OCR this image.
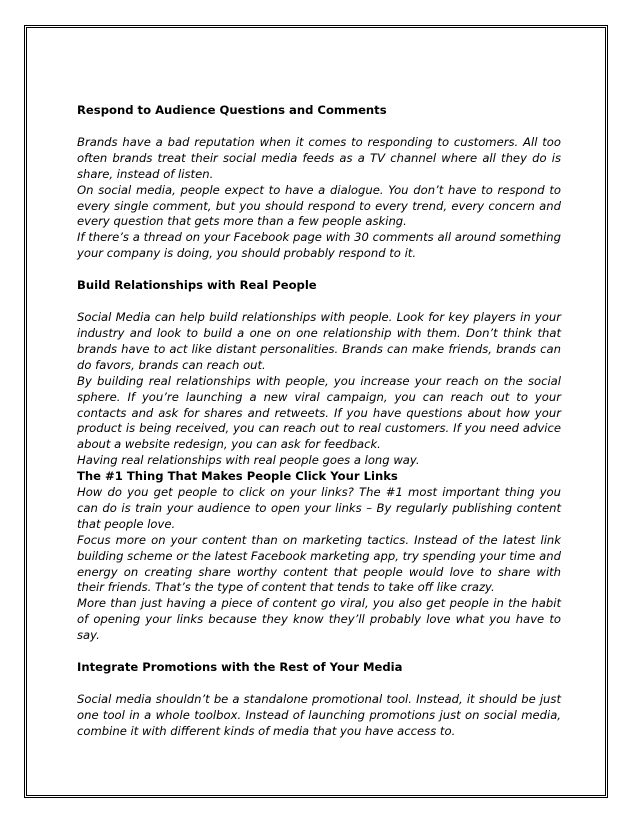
Respond to Audience Questions and Comments

Brands have a bad reputation when it comes to responding to customers. All too often brands treat their social media feeds as a TV channel where all they do is share, instead of listen.

On social media, people expect to have a dialogue. You don’t have to respond to every single comment, but you should respond to every trend, every concern and every question that gets more than a few people asking.

If there’s a thread on your Facebook page with 30 comments all around something your company is doing, you should probably respond to it.

Build Relationships with Real People

Social Media can help build relationships with people. Look for key players in your industry and look to build a one on one relationship with them. Don’t think that brands have to act like distant personalities. Brands can make friends, brands can do favors, brands can reach out.

By building real relationships with people, you increase your reach on the social sphere. If you’re launching a new viral campaign, you can reach out to your contacts and ask for shares and retweets. If you have questions about how your product is being received, you can reach out to real customers. If you need advice about a website redesign, you can ask for feedback.

Having real relationships with real people goes a long way.

The #1 Thing That Makes People Click Your Links

How do you get people to click on your links? The #1 most important thing you can do is train your audience to open your links – By regularly publishing content that people love.

Focus more on your content than on marketing tactics. Instead of the latest link building scheme or the latest Facebook marketing app, try spending your time and energy on creating share worthy content that people would love to share with their friends. That’s the type of content that tends to take off like crazy.

More than just having a piece of content go viral, you also get people in the habit of opening your links because they know they’ll probably love what you have to say.

Integrate Promotions with the Rest of Your Media

Social media shouldn’t be a standalone promotional tool. Instead, it should be just one tool in a whole toolbox. Instead of launching promotions just on social media, combine it with different kinds of media that you have access to.
